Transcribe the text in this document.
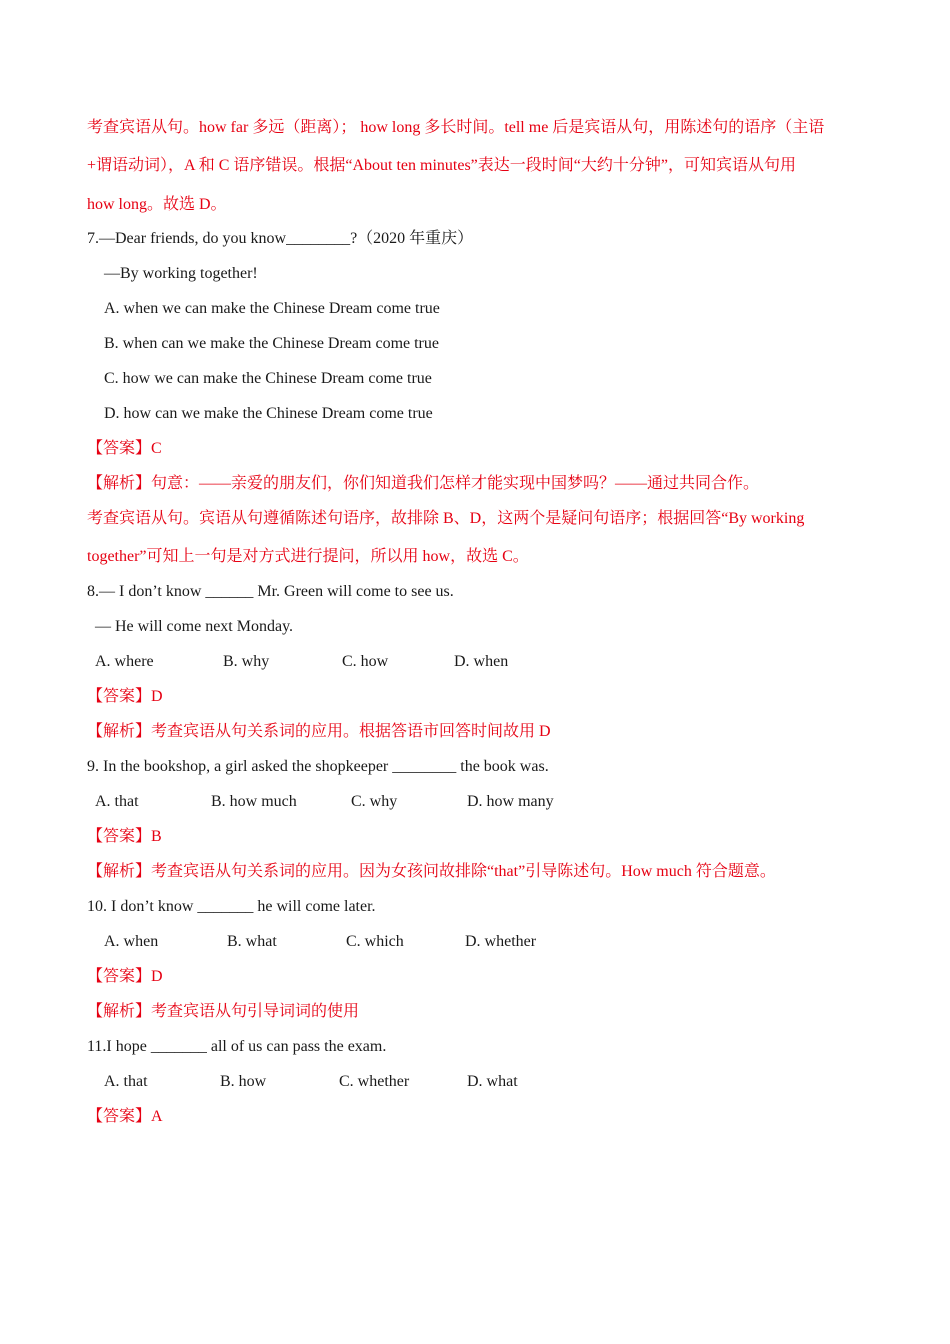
考查宾语从句。how far 多远（距离）； how long 多长时间。tell me 后是宾语从句，用陈述句的语序（主语
+谓语动词），A 和 C 语序错误。根据“About ten minutes”表达一段时间“大约十分钟”，可知宾语从句用
how long。故选 D。
7.—Dear friends, do you know________?（2020 年重庆）
—By working together!
A. when we can make the Chinese Dream come true
B. when can we make the Chinese Dream come true
C. how we can make the Chinese Dream come true
D. how can we make the Chinese Dream come true
【答案】C
【解析】句意：——亲爱的朋友们，你们知道我们怎样才能实现中国梦吗？——通过共同合作。
考查宾语从句。宾语从句遵循陈述句语序，故排除 B、D，这两个是疑问句语序；根据回答“By working
together”可知上一句是对方式进行提问，所以用 how，故选 C。
8.— I don’t know ______ Mr. Green will come to see us.
— He will come next Monday.
A. where	B. why	C. how	D. when
【答案】D
【解析】考查宾语从句关系词的应用。根据答语市回答时间故用 D
9. In the bookshop, a girl asked the shopkeeper ________ the book was.
A. that	B. how much	C. why	D. how many
【答案】B
【解析】考查宾语从句关系词的应用。因为女孩问故排除“that”引导陈述句。How much 符合题意。
10. I don’t know _______ he will come later.
A. when	B. what	C. which	D. whether
【答案】D
【解析】考查宾语从句引导词词的使用
11.I hope _______ all of us can pass the exam.
A. that	B. how	C. whether	D. what
【答案】A
